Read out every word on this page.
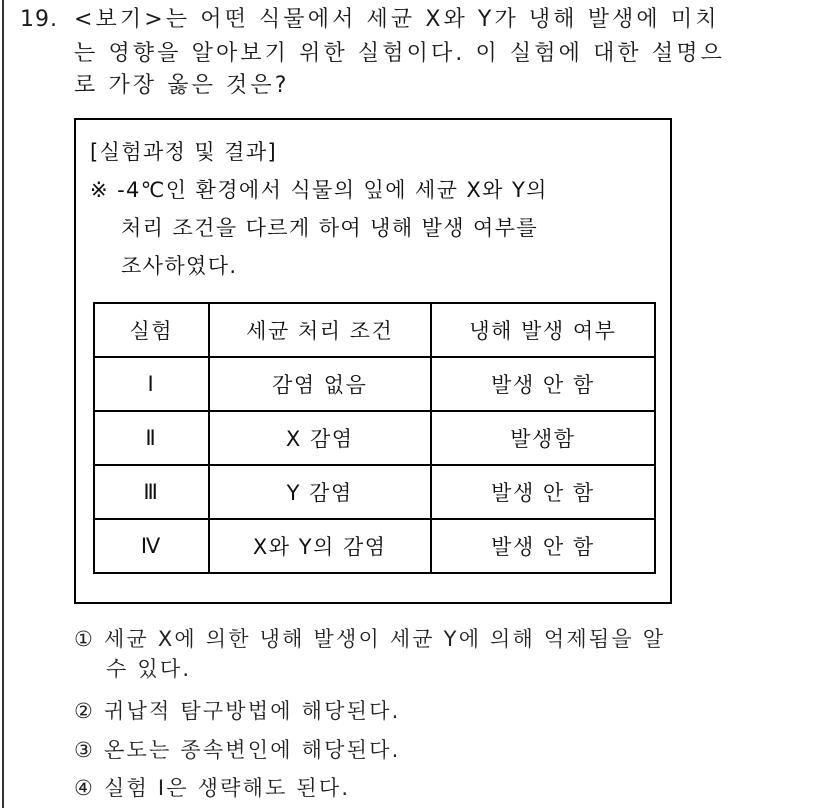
19. <보기>는 어떤 식물에서 세균 X와 Y가 냉해 발생에 미치
는 영향을 알아보기 위한 실험이다. 이 실험에 대한 설명으
로 가장 옳은 것은?
[실험과정 및 결과]
※ -4℃인 환경에서 식물의 잎에 세균 X와 Y의
처리 조건을 다르게 하여 냉해 발생 여부를
조사하였다.
실험	세균 처리 조건	냉해 발생 여부
Ⅰ	감염 없음	발생 안 함
Ⅱ	X 감염	발생함
Ⅲ	Y 감염	발생 안 함
Ⅳ	X와 Y의 감염	발생 안 함
① 세균 X에 의한 냉해 발생이 세균 Y에 의해 억제됨을 알
수 있다.
② 귀납적 탐구방법에 해당된다.
③ 온도는 종속변인에 해당된다.
④ 실험 Ⅰ은 생략해도 된다.
